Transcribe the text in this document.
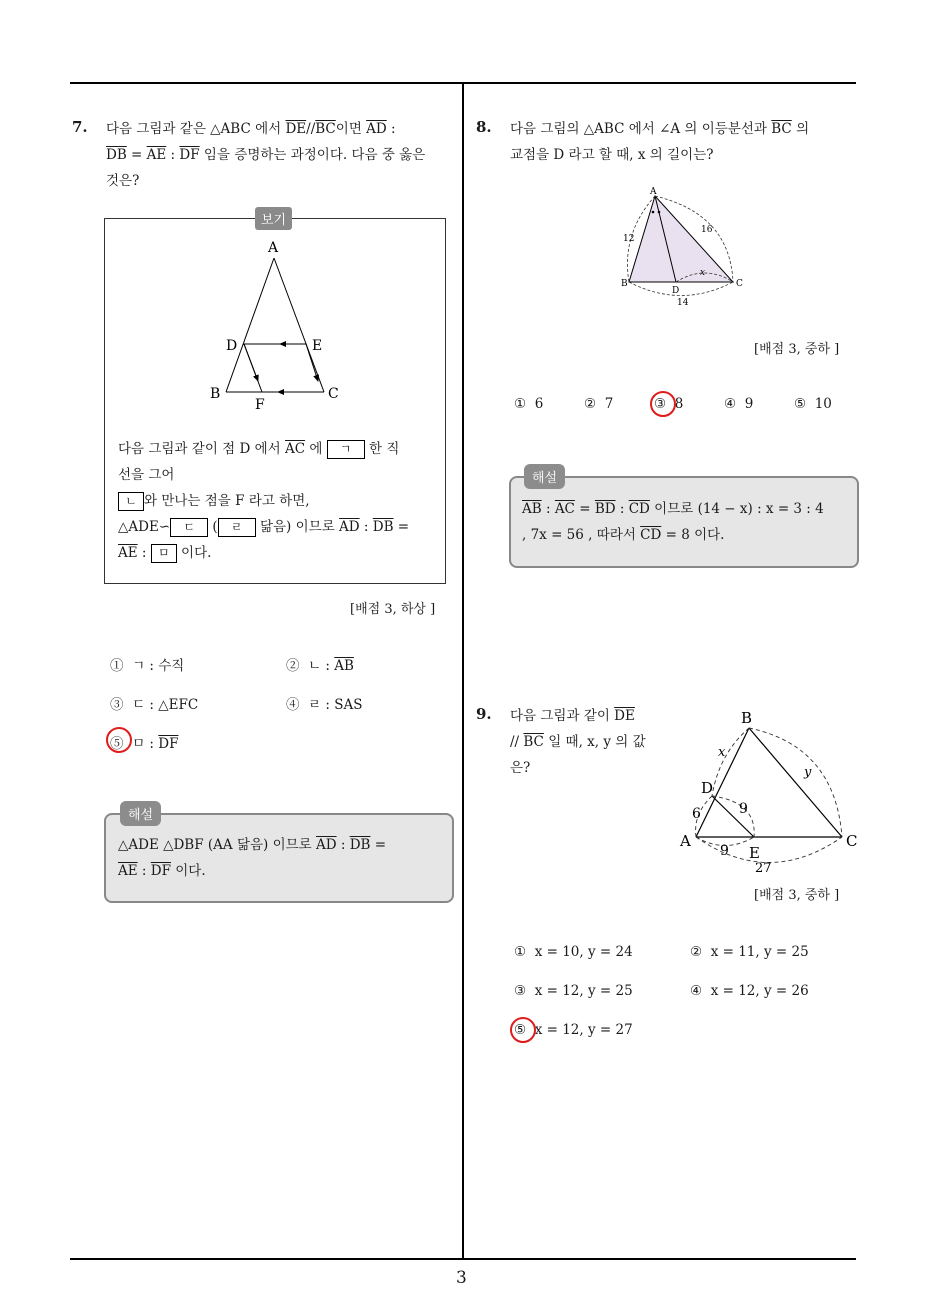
3
7. 다음 그림과 같은 △ABC 에서 $\overline{DE}//\overline{BC}$이면 $\overline{AD}$ :
$\overline{DB} = \overline{AE}$ : $\overline{DF}$ 임을 증명하는 과정이다. 다음 중 옳은
것은?
보기
A
D	E
B	C
F
다음 그림과 같이 점 D 에서 $\overline{AC}$ 에 ㄱ 한 직
선을 그어
ㄴ 와 만나는 점을 F 라고 하면,
△ADE∽ ㄷ ( ㄹ 닮음) 이므로 $\overline{AD}$ : $\overline{DB}$ =
$\overline{AE}$ : ㅁ 이다.
[배점 3, 하상 ]
① ㄱ : 수직	② ㄴ : $\overline{AB}$
③ ㄷ : △EFC	④ ㄹ : SAS
⑤ ㅁ : $\overline{DF}$
해설
△ADE △DBF (AA 닮음) 이므로 $\overline{AD}$ : $\overline{DB}$ =
$\overline{AE}$ : $\overline{DF}$ 이다.
8. 다음 그림의 △ABC 에서 ∠A 의 이등분선과 $\overline{BC}$ 의
교점을 D 라고 할 때, x 의 길이는?
A
B	C
D
12
16
14
x
[배점 3, 중하 ]
① 6	② 7	③ 8	④ 9	⑤ 10
해설
$\overline{AB}$ : $\overline{AC} = \overline{BD}$ : $\overline{CD}$ 이므로 (14 − x) : x = 3 : 4
, 7x = 56 , 따라서 $\overline{CD} = 8$ 이다.
9. 다음 그림과 같이 $\overline{DE}$
// $\overline{BC}$ 일 때, x, y 의 값
은?
B
D
A
E
C
x
y
6	9
9
27
[배점 3, 중하 ]
① x = 10, y = 24	② x = 11, y = 25
③ x = 12, y = 25	④ x = 12, y = 26
⑤ x = 12, y = 27
